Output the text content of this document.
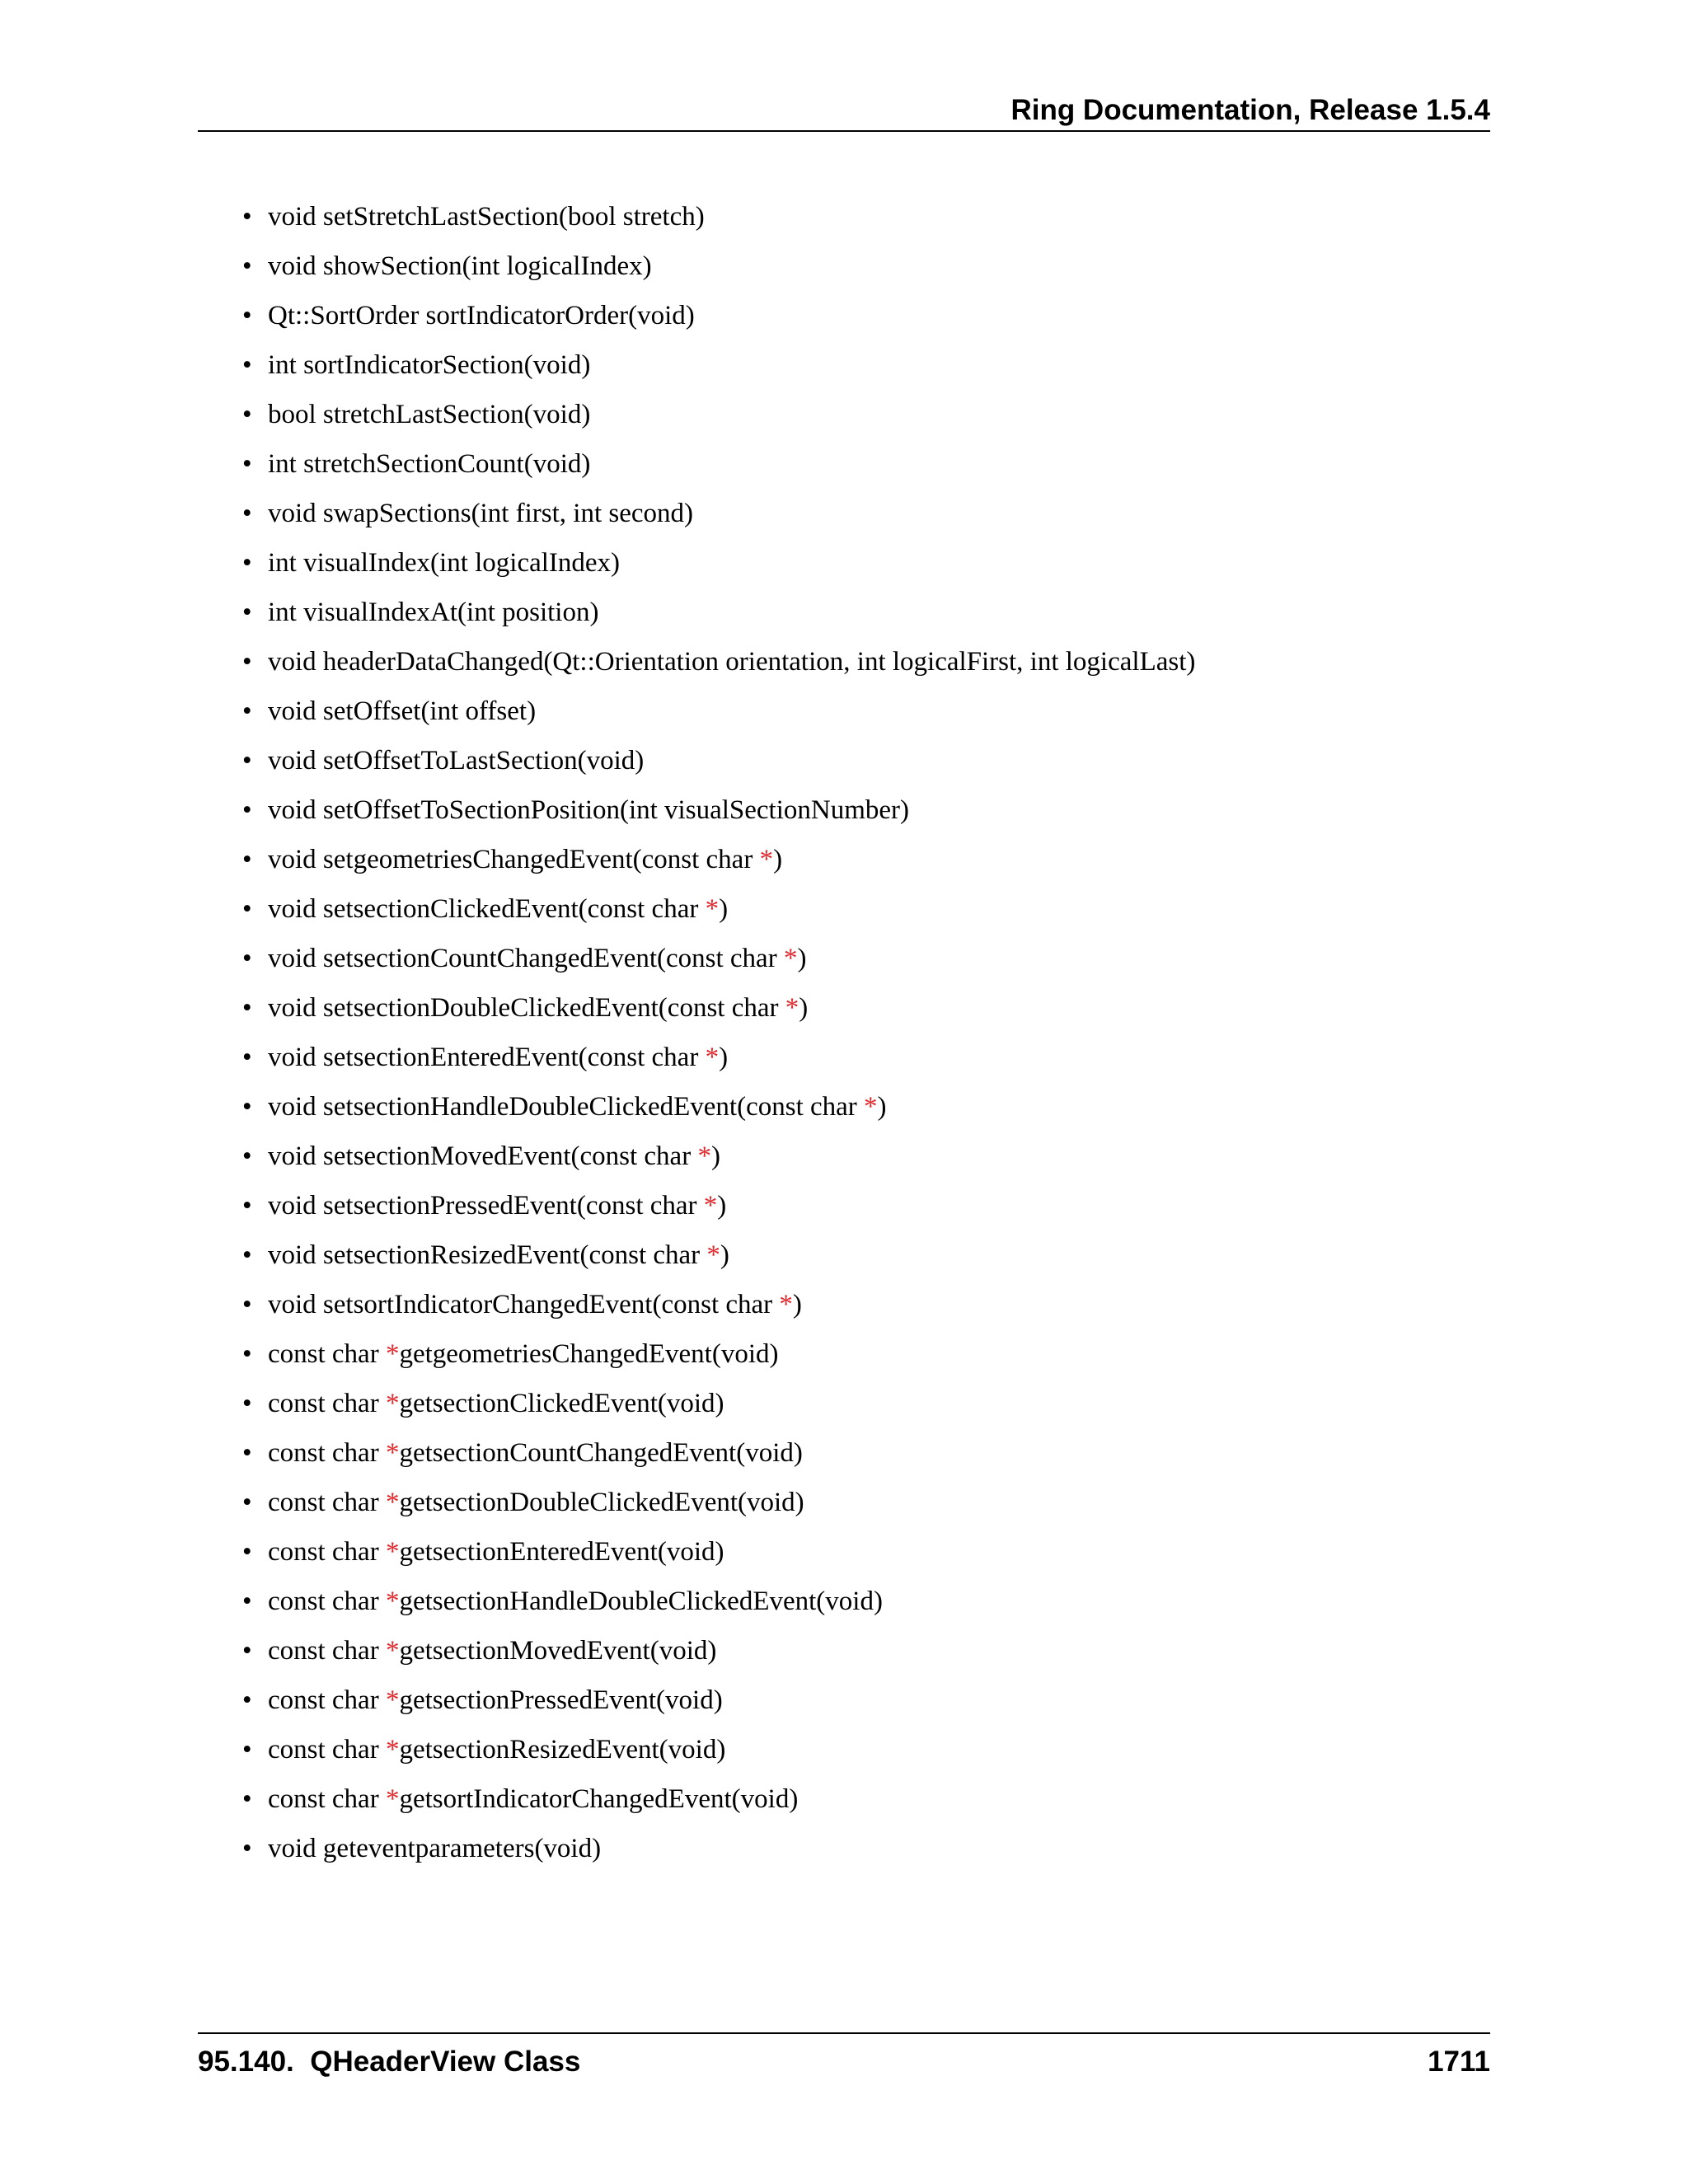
Ring Documentation, Release 1.5.4
• void setStretchLastSection(bool stretch)
• void showSection(int logicalIndex)
• Qt::SortOrder sortIndicatorOrder(void)
• int sortIndicatorSection(void)
• bool stretchLastSection(void)
• int stretchSectionCount(void)
• void swapSections(int first, int second)
• int visualIndex(int logicalIndex)
• int visualIndexAt(int position)
• void headerDataChanged(Qt::Orientation orientation, int logicalFirst, int logicalLast)
• void setOffset(int offset)
• void setOffsetToLastSection(void)
• void setOffsetToSectionPosition(int visualSectionNumber)
• void setgeometriesChangedEvent(const char *)
• void setsectionClickedEvent(const char *)
• void setsectionCountChangedEvent(const char *)
• void setsectionDoubleClickedEvent(const char *)
• void setsectionEnteredEvent(const char *)
• void setsectionHandleDoubleClickedEvent(const char *)
• void setsectionMovedEvent(const char *)
• void setsectionPressedEvent(const char *)
• void setsectionResizedEvent(const char *)
• void setsortIndicatorChangedEvent(const char *)
• const char *getgeometriesChangedEvent(void)
• const char *getsectionClickedEvent(void)
• const char *getsectionCountChangedEvent(void)
• const char *getsectionDoubleClickedEvent(void)
• const char *getsectionEnteredEvent(void)
• const char *getsectionHandleDoubleClickedEvent(void)
• const char *getsectionMovedEvent(void)
• const char *getsectionPressedEvent(void)
• const char *getsectionResizedEvent(void)
• const char *getsortIndicatorChangedEvent(void)
• void geteventparameters(void)
95.140.  QHeaderView Class	1711
